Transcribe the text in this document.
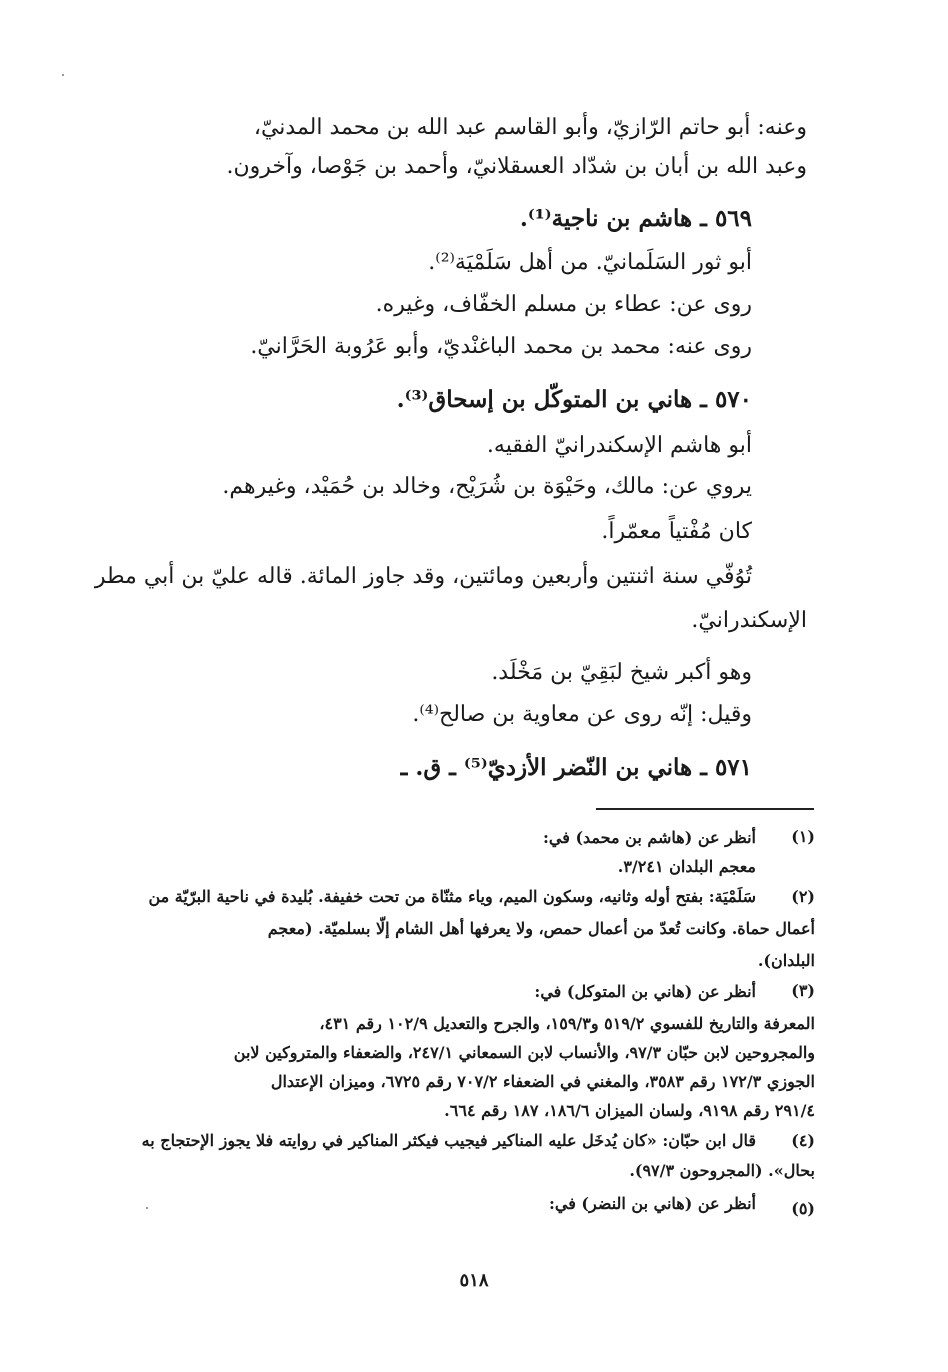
وعنه: أبو حاتم الرّازيّ، وأبو القاسم عبد الله بن محمد المدنيّ،
وعبد الله بن أبان بن شدّاد العسقلانيّ، وأحمد بن جَوْصا، وآخرون.
٥٦٩ ـ هاشم بن ناجية⁽¹⁾.
أبو ثور السَلَمانيّ. من أهل سَلَمْيَة⁽²⁾.
روى عن: عطاء بن مسلم الخفّاف، وغيره.
روى عنه: محمد بن محمد الباغنْديّ، وأبو عَرُوبة الحَرَّانيّ.
٥٧٠ ـ هاني بن المتوكّل بن إسحاق⁽³⁾.
أبو هاشم الإسكندرانيّ الفقيه.
يروي عن: مالك، وحَيْوَة بن شُرَيْح، وخالد بن حُمَيْد، وغيرهم.
كان مُفْتياً معمّراً.
تُوُفّي سنة اثنتين وأربعين ومائتين، وقد جاوز المائة. قاله عليّ بن أبي مطر
الإسكندرانيّ.
وهو أكبر شيخ لبَقِيّ بن مَخْلَد.
وقيل: إنّه روى عن معاوية بن صالح⁽⁴⁾.
٥٧١ ـ هاني بن النّضر الأزديّ⁽⁵⁾ ـ ق. ـ
(١)
(٢)
(٣)
(٤)
(٥)
أنظر عن (هاشم بن محمد) في:
معجم البلدان ٣/٢٤١.
سَلَمْيَة: بفتح أوله وثانيه، وسكون الميم، وياء مثنّاة من تحت خفيفة. بُليدة في ناحية البرّيّة من
أعمال حماة. وكانت تُعدّ من أعمال حمص، ولا يعرفها أهل الشام إلّا بسلميّة. (معجم
البلدان).
أنظر عن (هاني بن المتوكل) في:
المعرفة والتاريخ للفسوي ٥١٩/٢ و١٥٩/٣، والجرح والتعديل ١٠٢/٩ رقم ٤٣١،
والمجروحين لابن حبّان ٩٧/٣، والأنساب لابن السمعاني ٢٤٧/١، والضعفاء والمتروكين لابن
الجوزي ١٧٢/٣ رقم ٣٥٨٣، والمغني في الضعفاء ٧٠٧/٢ رقم ٦٧٢٥، وميزان الإعتدال
٢٩١/٤ رقم ٩١٩٨، ولسان الميزان ١٨٦/٦، ١٨٧ رقم ٦٦٤.
قال ابن حبّان: «كان يُدخَل عليه المناكير فيجيب فيكثر المناكير في روايته فلا يجوز الإحتجاج به
بحال». (المجروحون ٩٧/٣).
أنظر عن (هاني بن النضر) في:
٥١٨
